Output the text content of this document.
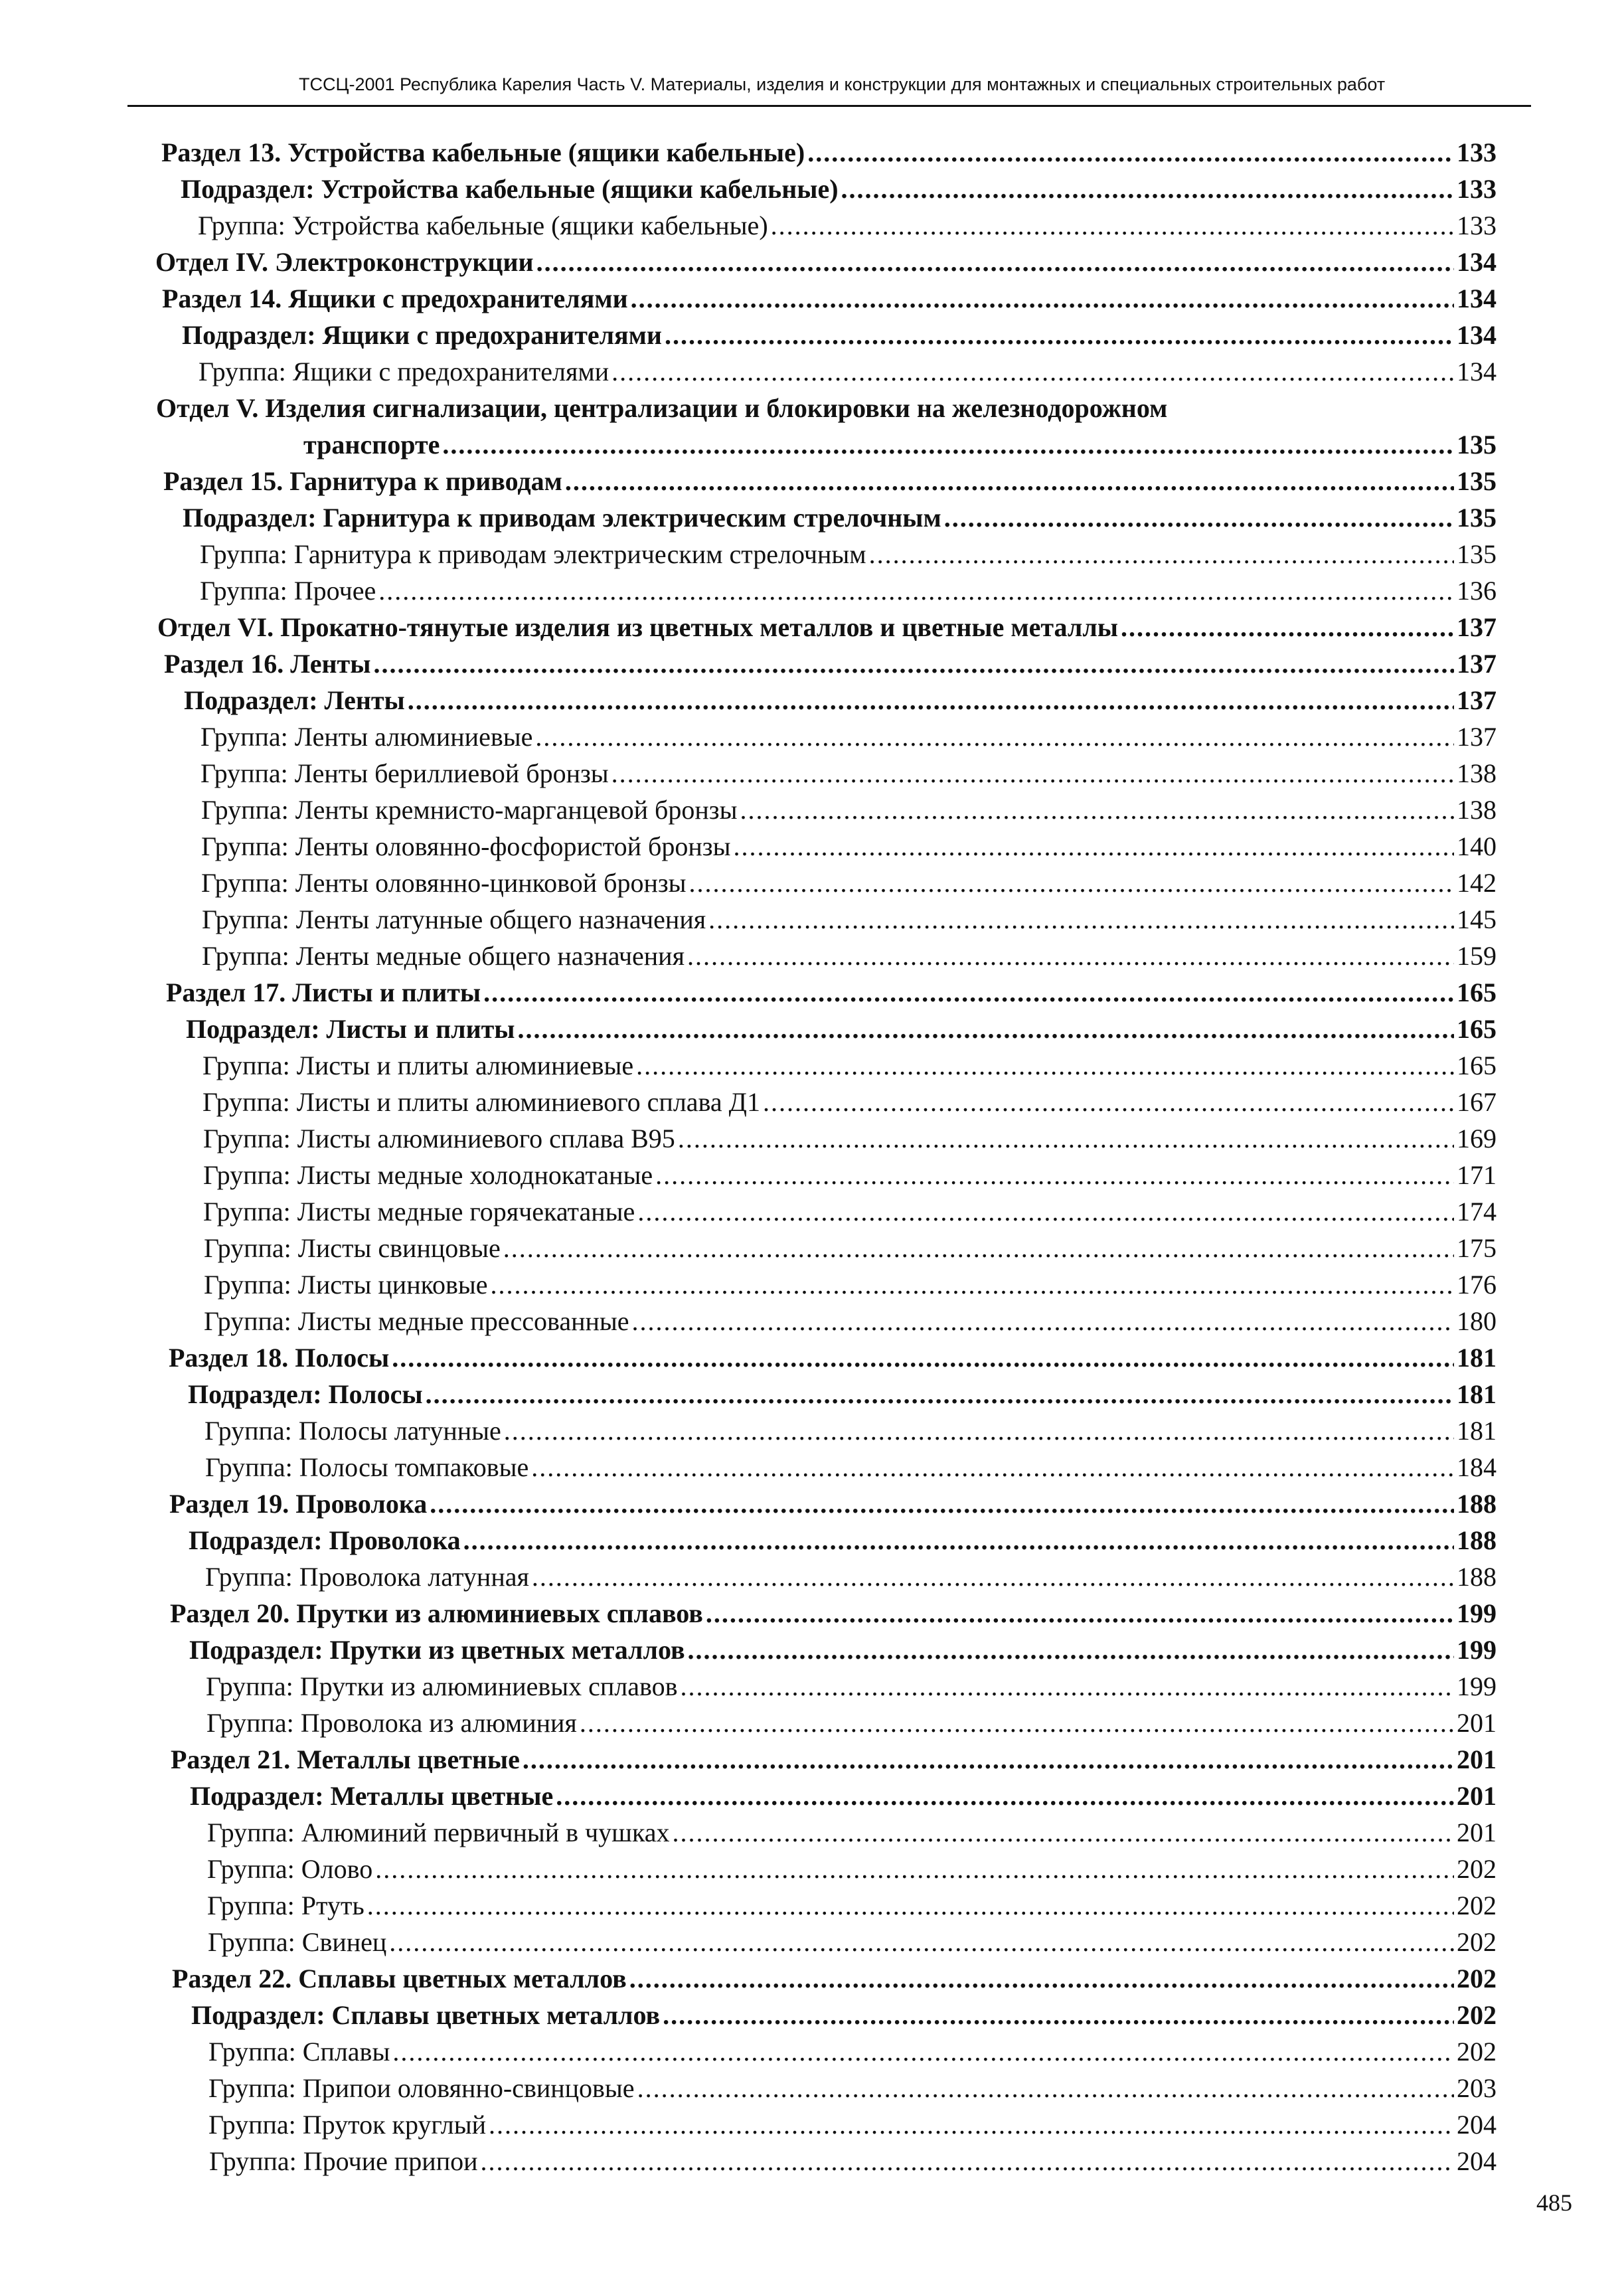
ТССЦ-2001 Республика Карелия Часть V. Материалы, изделия и конструкции для монтажных и специальных строительных работ
Раздел 13. Устройства кабельные (ящики кабельные) .....	133
Подраздел: Устройства кабельные (ящики кабельные) .....	133
Группа: Устройства кабельные (ящики кабельные) .....	133
Отдел IV. Электроконструкции .....	134
Раздел 14. Ящики с предохранителями .....	134
Подраздел: Ящики с предохранителями .....	134
Группа: Ящики с предохранителями .....	134
Отдел V. Изделия сигнализации, централизации и блокировки на железнодорожном
транспорте .....	135
Раздел 15. Гарнитура к приводам .....	135
Подраздел: Гарнитура к приводам электрическим стрелочным .....	135
Группа: Гарнитура к приводам электрическим стрелочным .....	135
Группа: Прочее .....	136
Отдел VI. Прокатно-тянутые изделия из цветных металлов и цветные металлы .....	137
Раздел 16. Ленты .....	137
Подраздел: Ленты .....	137
Группа: Ленты алюминиевые .....	137
Группа: Ленты бериллиевой бронзы .....	138
Группа: Ленты кремнисто-марганцевой бронзы .....	138
Группа: Ленты оловянно-фосфористой бронзы .....	140
Группа: Ленты оловянно-цинковой бронзы .....	142
Группа: Ленты латунные общего назначения .....	145
Группа: Ленты медные общего назначения .....	159
Раздел 17. Листы и плиты .....	165
Подраздел: Листы и плиты .....	165
Группа: Листы и плиты алюминиевые .....	165
Группа: Листы и плиты алюминиевого сплава Д1 .....	167
Группа: Листы алюминиевого сплава В95 .....	169
Группа: Листы медные холоднокатаные .....	171
Группа: Листы медные горячекатаные .....	174
Группа: Листы свинцовые .....	175
Группа: Листы цинковые .....	176
Группа: Листы медные прессованные .....	180
Раздел 18. Полосы .....	181
Подраздел: Полосы .....	181
Группа: Полосы латунные .....	181
Группа: Полосы томпаковые .....	184
Раздел 19. Проволока .....	188
Подраздел: Проволока .....	188
Группа: Проволока латунная .....	188
Раздел 20. Прутки из алюминиевых сплавов .....	199
Подраздел: Прутки из цветных металлов .....	199
Группа: Прутки из алюминиевых сплавов .....	199
Группа: Проволока из алюминия .....	201
Раздел 21. Металлы цветные .....	201
Подраздел: Металлы цветные .....	201
Группа: Алюминий первичный в чушках .....	201
Группа: Олово .....	202
Группа: Ртуть .....	202
Группа: Свинец .....	202
Раздел 22. Сплавы цветных металлов .....	202
Подраздел: Сплавы цветных металлов .....	202
Группа: Сплавы .....	202
Группа: Припои оловянно-свинцовые .....	203
Группа: Пруток круглый .....	204
Группа: Прочие припои .....	204
485
